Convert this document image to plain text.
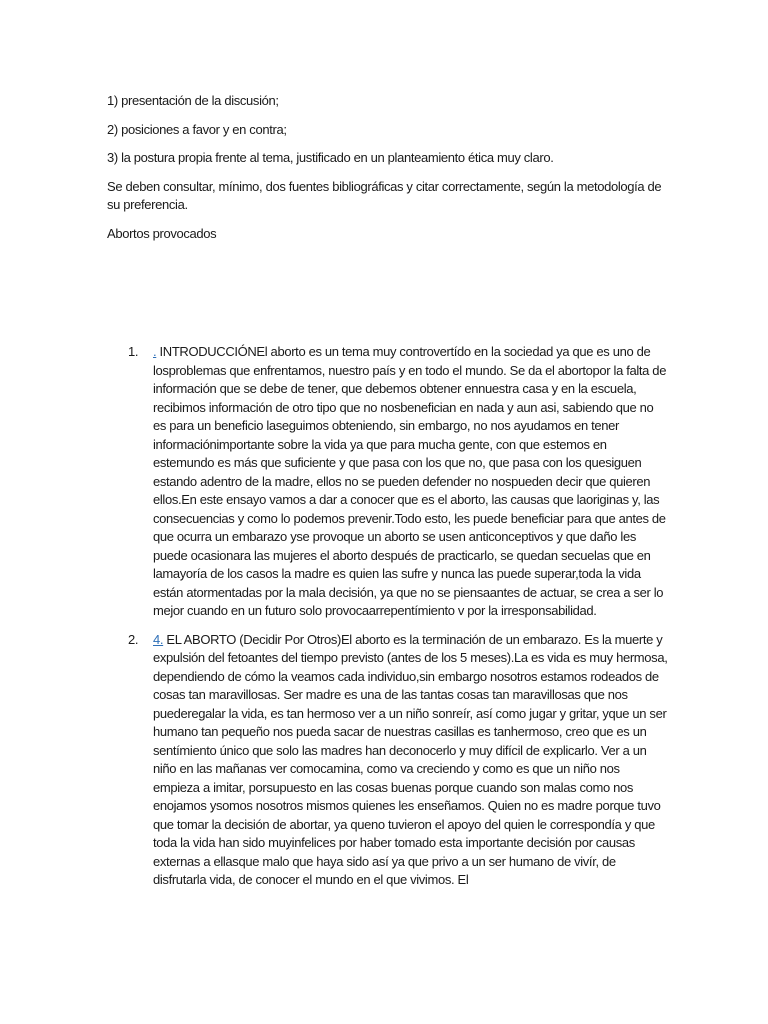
1) presentación de la discusión;

2) posiciones a favor y en contra;

3) la postura propia frente al tema, justificado en un planteamiento ética muy claro.

Se deben consultar, mínimo, dos fuentes bibliográficas y citar correctamente, según la metodología de su preferencia.

Abortos provocados

1. . INTRODUCCIÓNEl aborto es un tema muy controvertído en la sociedad ya que es uno de losproblemas que enfrentamos, nuestro país y en todo el mundo. Se da el abortopor la falta de información que se debe de tener, que debemos obtener ennuestra casa y en la escuela, recibimos información de otro tipo que no nosbenefician en nada y aun asi, sabiendo que no es para un beneficio laseguimos obteniendo, sin embargo, no nos ayudamos en tener informaciónimportante sobre la vida ya que para mucha gente, con que estemos en estemundo es más que suficiente y que pasa con los que no, que pasa con los quesiguen estando adentro de la madre, ellos no se pueden defender no nospueden decir que quieren ellos.En este ensayo vamos a dar a conocer que es el aborto, las causas que laoriginas y, las consecuencias y como lo podemos prevenir.Todo esto, les puede beneficiar para que antes de que ocurra un embarazo yse provoque un aborto se usen anticonceptivos y que daño les puede ocasionara las mujeres el aborto después de practicarlo, se quedan secuelas que en lamayoría de los casos la madre es quien las sufre y nunca las puede superar,toda la vida están atormentadas por la mala decisión, ya que no se piensaantes de actuar, se crea a ser lo mejor cuando en un futuro solo provocaarrepentímiento v por la irresponsabilidad.
2. 4. EL ABORTO (Decidir Por Otros)El aborto es la terminación de un embarazo. Es la muerte y expulsión del fetoantes del tiempo previsto (antes de los 5 meses).La es vida es muy hermosa, dependiendo de cómo la veamos cada individuo,sin embargo nosotros estamos rodeados de cosas tan maravillosas. Ser madre es una de las tantas cosas tan maravillosas que nos puederegalar la vida, es tan hermoso ver a un niño sonreír, así como jugar y gritar, yque un ser humano tan pequeño nos pueda sacar de nuestras casillas es tanhermoso, creo que es un sentímiento único que solo las madres han deconocerlo y muy difícil de explicarlo. Ver a un niño en las mañanas ver comocamina, como va creciendo y como es que un niño nos empieza a imitar, porsupuesto en las cosas buenas porque cuando son malas como nos enojamos ysomos nosotros mismos quienes les enseñamos. Quien no es madre porque tuvo que tomar la decisión de abortar, ya queno tuvieron el apoyo del quien le correspondía y que toda la vida han sido muyinfelices por haber tomado esta importante decisión por causas externas a ellasque malo que haya sido así ya que privo a un ser humano de vivír, de disfrutarla vida, de conocer el mundo en el que vivimos. El
